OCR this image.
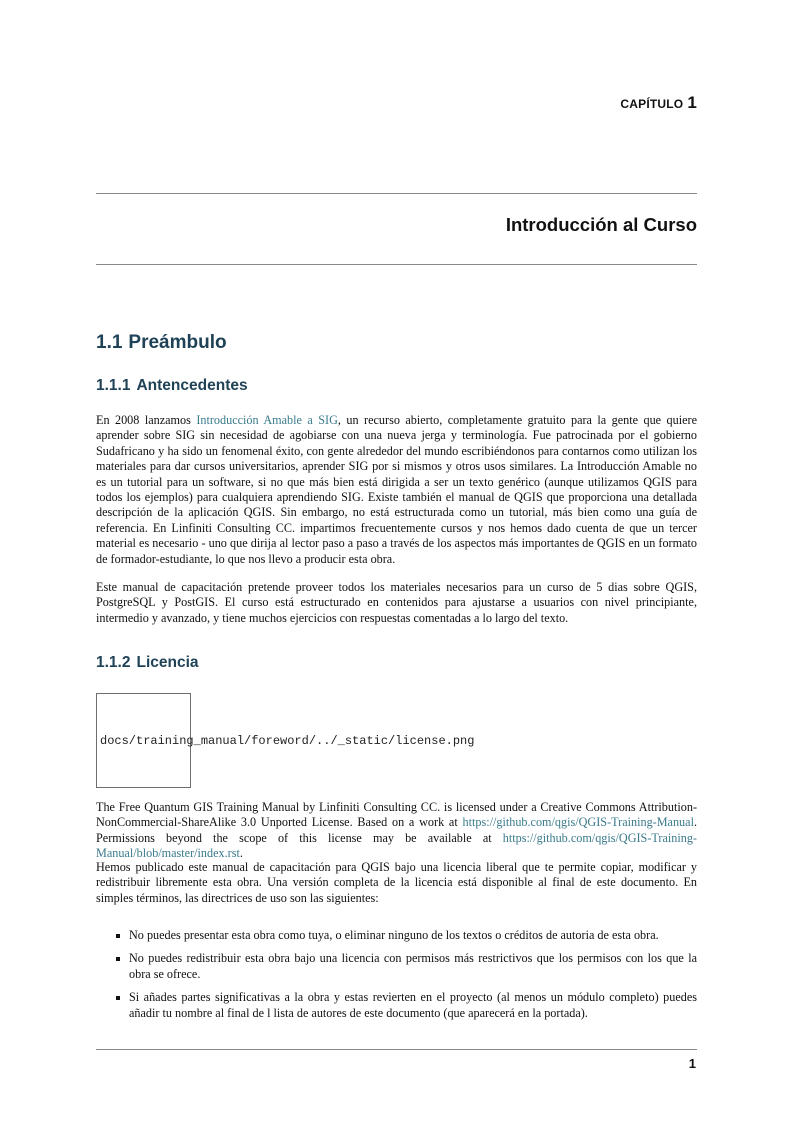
CAPÍTULO 1
Introducción al Curso
1.1 Preámbulo
1.1.1 Antencedentes

En 2008 lanzamos Introducción Amable a SIG, un recurso abierto, completamente gratuito para la gente que quiere aprender sobre SIG sin necesidad de agobiarse con una nueva jerga y terminología. Fue patrocinada por el gobierno Sudafricano y ha sido un fenomenal éxito, con gente alrededor del mundo escribiéndonos para contarnos como utilizan los materiales para dar cursos universitarios, aprender SIG por si mismos y otros usos similares. La Introducción Amable no es un tutorial para un software, si no que más bien está dirigida a ser un texto genérico (aunque utilizamos QGIS para todos los ejemplos) para cualquiera aprendiendo SIG. Existe también el manual de QGIS que proporciona una detallada descripción de la aplicación QGIS. Sin embargo, no está estructurada como un tutorial, más bien como una guía de referencia. En Linfiniti Consulting CC. impartimos frecuentemente cursos y nos hemos dado cuenta de que un tercer material es necesario - uno que dirija al lector paso a paso a través de los aspectos más importantes de QGIS en un formato de formador-estudiante, lo que nos llevo a producir esta obra.

Este manual de capacitación pretende proveer todos los materiales necesarios para un curso de 5 dias sobre QGIS, PostgreSQL y PostGIS. El curso está estructurado en contenidos para ajustarse a usuarios con nivel principiante, intermedio y avanzado, y tiene muchos ejercicios con respuestas comentadas a lo largo del texto.

1.1.2 Licencia
docs/training_manual/foreword/../_static/license.png

The Free Quantum GIS Training Manual by Linfiniti Consulting CC. is licensed under a Creative Commons Attribution-NonCommercial-ShareAlike 3.0 Unported License. Based on a work at https://github.com/qgis/QGIS-Training-Manual. Permissions beyond the scope of this license may be available at https://github.com/qgis/QGIS-Training-Manual/blob/master/index.rst.

Hemos publicado este manual de capacitación para QGIS bajo una licencia liberal que te permite copiar, modificar y redistribuir libremente esta obra. Una versión completa de la licencia está disponible al final de este documento. En simples términos, las directrices de uso son las siguientes:

No puedes presentar esta obra como tuya, o eliminar ninguno de los textos o créditos de autoria de esta obra.
No puedes redistribuir esta obra bajo una licencia con permisos más restrictivos que los permisos con los que la obra se ofrece.
Si añades partes significativas a la obra y estas revierten en el proyecto (al menos un módulo completo) puedes añadir tu nombre al final de l lista de autores de este documento (que aparecerá en la portada).
1
